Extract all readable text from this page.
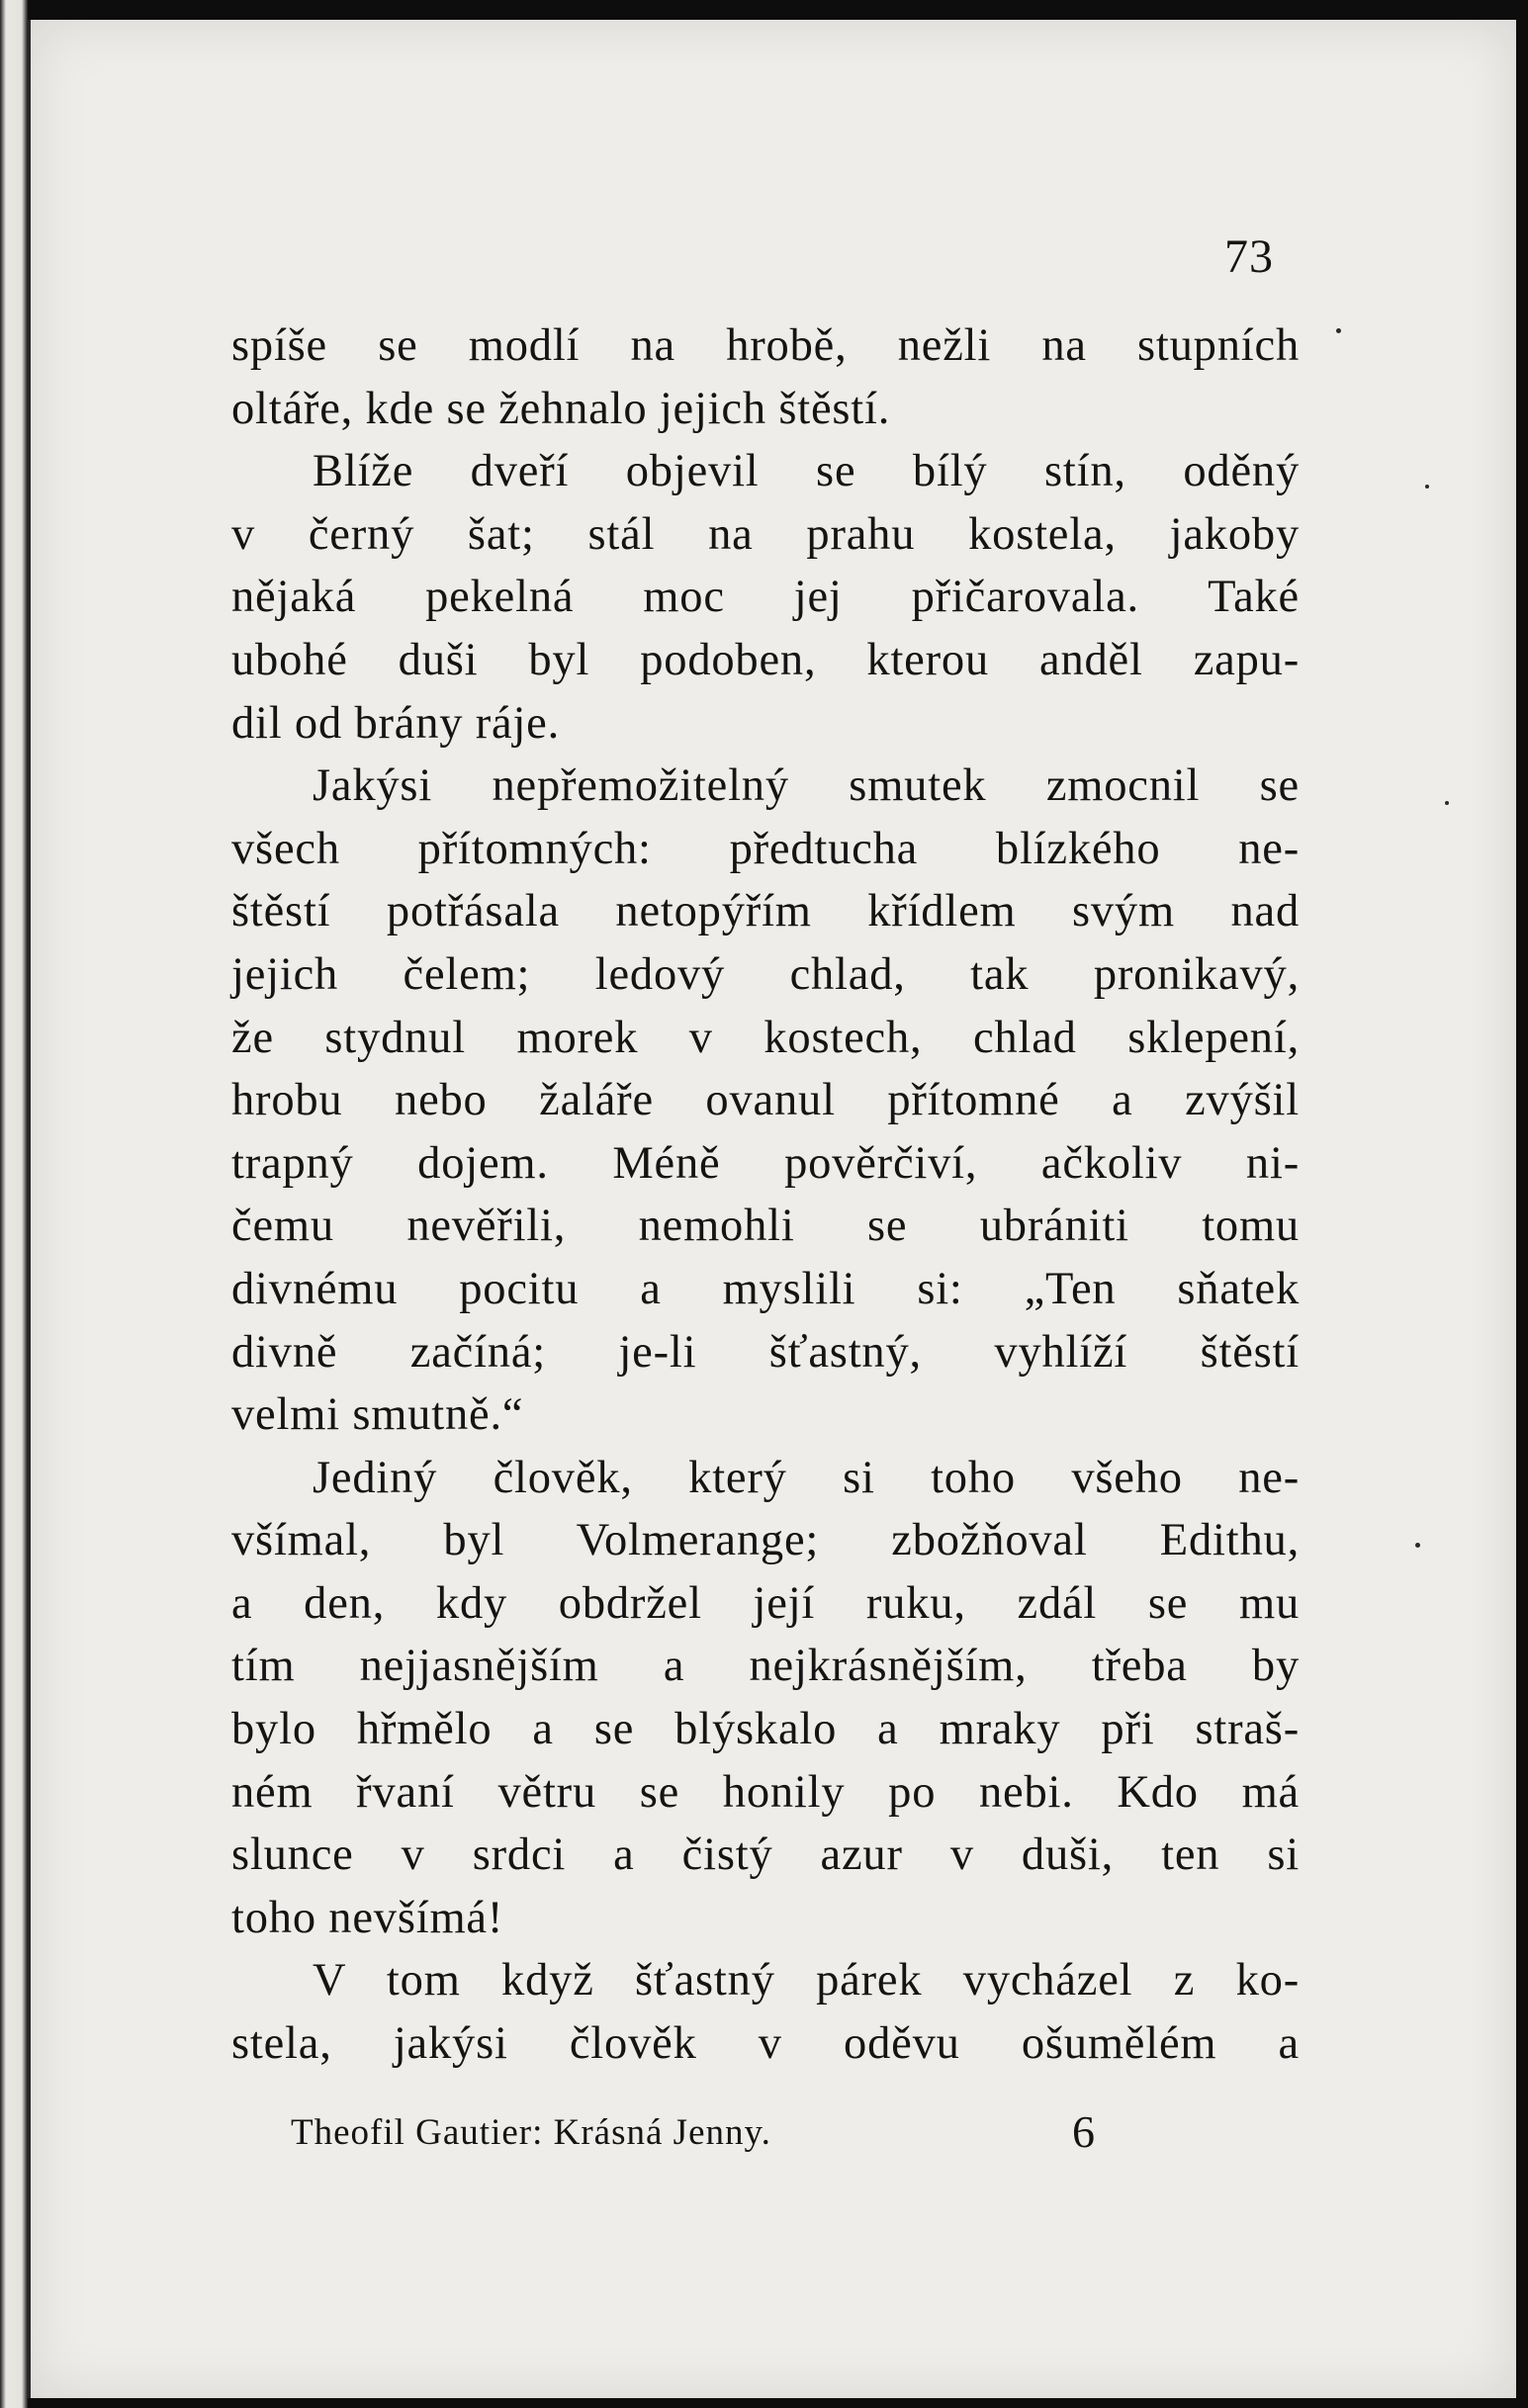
73
spíše se modlí na hrobě, nežli na stupních
oltáře, kde se žehnalo jejich štěstí.
Blíže dveří objevil se bílý stín, oděný
v černý šat; stál na prahu kostela, jakoby
nějaká pekelná moc jej přičarovala. Také
ubohé duši byl podoben, kterou anděl zapu-
dil od brány ráje.
Jakýsi nepřemožitelný smutek zmocnil se
všech přítomných: předtucha blízkého ne-
štěstí potřásala netopýřím křídlem svým nad
jejich čelem; ledový chlad, tak pronikavý,
že stydnul morek v kostech, chlad sklepení,
hrobu nebo žaláře ovanul přítomné a zvýšil
trapný dojem. Méně pověrčiví, ačkoliv ni-
čemu nevěřili, nemohli se ubrániti tomu
divnému pocitu a myslili si: „Ten sňatek
divně začíná; je-li šťastný, vyhlíží štěstí
velmi smutně.“
Jediný člověk, který si toho všeho ne-
všímal, byl Volmerange; zbožňoval Edithu,
a den, kdy obdržel její ruku, zdál se mu
tím nejjasnějším a nejkrásnějším, třeba by
bylo hřmělo a se blýskalo a mraky při straš-
ném řvaní větru se honily po nebi. Kdo má
slunce v srdci a čistý azur v duši, ten si
toho nevšímá!
V tom když šťastný párek vycházel z ko-
stela, jakýsi člověk v oděvu ošumělém a
Theofil Gautier: Krásná Jenny.	6
